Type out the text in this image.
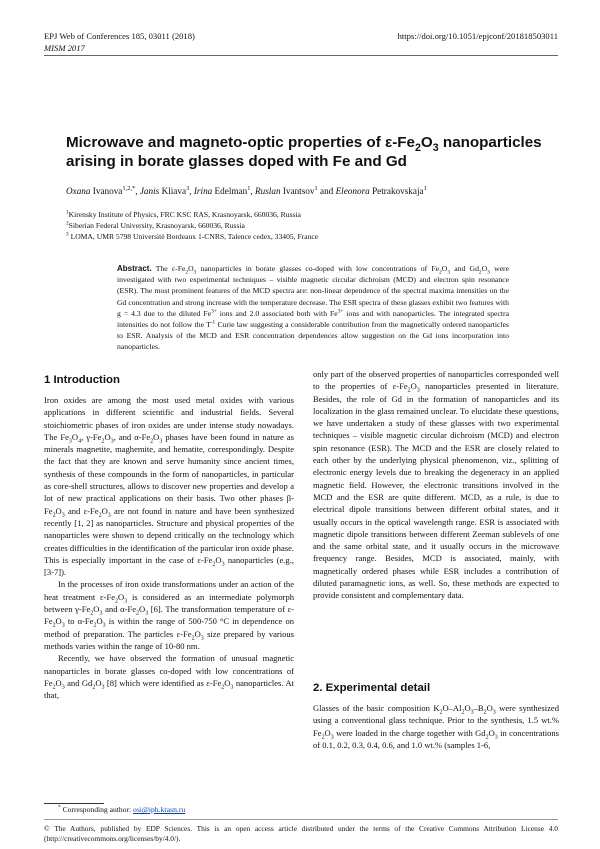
EPJ Web of Conferences 185, 03011 (2018)	https://doi.org/10.1051/epjconf/201818503011
MISM 2017
Microwave and magneto-optic properties of $\varepsilon-Fe_2O_3$ nanoparticles arising in borate glasses doped with Fe and Gd
Oxana Ivanova$^{1,2,*}$, Janis Kliava$^3$, Irina Edelman$^1$, Ruslan Ivantsov$^1$ and Eleonora Petrakovskaja$^1$
$^1$Kirensky Institute of Physics, FRC KSC RAS, Krasnoyarsk, 660036, Russia
$^2$Siberian Federal University, Krasnoyarsk, 660036, Russia
$^3$ LOMA, UMR 5798 Université Bordeaux 1-CNRS, Talence cedex, 33405, France
Abstract. The $\varepsilon-Fe_2O_3$ nanoparticles in borate glasses co-doped with low concentrations of $Fe_2O_3$ and $Gd_2O_3$ were investigated with two experimental techniques – visible magnetic circular dichroism (MCD) and electron spin resonance (ESR). The most prominent features of the MCD spectra are: non-linear dependence of the spectral maxima intensities on the Gd concentration and strong increase with the temperature decrease. The ESR spectra of these glasses exhibit two features with g = 4.3 due to the diluted $Fe^{3+}$ ions and 2.0 associated both with $Fe^{3+}$ ions and with nanoparticles. The integrated spectra intensities do not follow the $T^{-1}$ Curie law suggesting a considerable contribution from the magnetically ordered nanoparticles to ESR. Analysis of the MCD and ESR concentration dependences allow suggestion on the Gd ions incorporation into nanoparticles.
1 Introduction

Iron oxides are among the most used metal oxides with various applications in different scientific and industrial fields. Several stoichiometric phases of iron oxides are under intense study nowadays. The $Fe_3O_4$, $\gamma-Fe_2O_3$, and $\alpha-Fe_2O_3$ phases have been found in nature as minerals magnetite, maghemite, and hematite, correspondingly. Despite the fact that they are known and serve humanity since ancient times, synthesis of these compounds in the form of nanoparticles, in particular as core-shell structures, allows to discover new properties and develop a lot of new practical applications on their basis. Two other phases $\beta-Fe_2O_3$ and $\varepsilon-Fe_2O_3$ are not found in nature and have been synthesized recently [1, 2] as nanoparticles. Structure and physical properties of the nanoparticles were shown to depend critically on the technology which creates difficulties in the identification of the particular iron oxide phase. This is especially important in the case of $\varepsilon-Fe_2O_3$ nanoparticles (e.g., [3-7]).

In the processes of iron oxide transformations under an action of the heat treatment $\varepsilon-Fe_2O_3$ is considered as an intermediate polymorph between $\gamma-Fe_2O_3$ and $\alpha-Fe_2O_3$ [6]. The transformation temperature of $\varepsilon-Fe_2O_3$ to $\alpha-Fe_2O_3$ is within the range of 500-750 °C in dependence on method of preparation. The particles $\varepsilon-Fe_2O_3$ size prepared by various methods varies within the range of 10-80 nm.

Recently, we have observed the formation of unusual magnetic nanoparticles in borate glasses co-doped with low concentrations of $Fe_2O_3$ and $Gd_2O_3$ [8] which were identified as $\varepsilon-Fe_2O_3$ nanoparticles. At that,

only part of the observed properties of nanoparticles corresponded well to the properties of $\varepsilon-Fe_2O_3$ nanoparticles presented in literature. Besides, the role of Gd in the formation of nanoparticles and its localization in the glass remained unclear. To elucidate these questions, we have undertaken a study of these glasses with two experimental techniques – visible magnetic circular dichroism (MCD) and electron spin resonance (ESR). The MCD and the ESR are closely related to each other by the underlying physical phenomenon, viz., splitting of electronic energy levels due to breaking the degeneracy in an applied magnetic field. However, the electronic transitions involved in the MCD and the ESR are quite different. MCD, as a rule, is due to electrical dipole transitions between different orbital states, and it usually occurs in the optical wavelength range. ESR is associated with magnetic dipole transitions between different Zeeman sublevels of one and the same orbital state, and it usually occurs in the microwave frequency range. Besides, MCD is associated, mainly, with magnetically ordered phases while ESR includes a contribution of diluted paramagnetic ions, as well. So, these methods are expected to provide consistent and complementary data.

2. Experimental detail
Glasses of the basic composition $K_2O-Al_2O_3-B_2O_3$ were synthesized using a conventional glass technique. Prior to the synthesis, 1.5 wt.% $Fe_2O_3$ were loaded in the charge together with $Gd_2O_3$ in concentrations of 0.1, 0.2, 0.3, 0.4, 0.6, and 1.0 wt.% (samples 1-6,
* Corresponding author: osi@iph.krasn.ru
© The Authors, published by EDP Sciences. This is an open access article distributed under the terms of the Creative Commons Attribution License 4.0 (http://creativecommons.org/licenses/by/4.0/).
